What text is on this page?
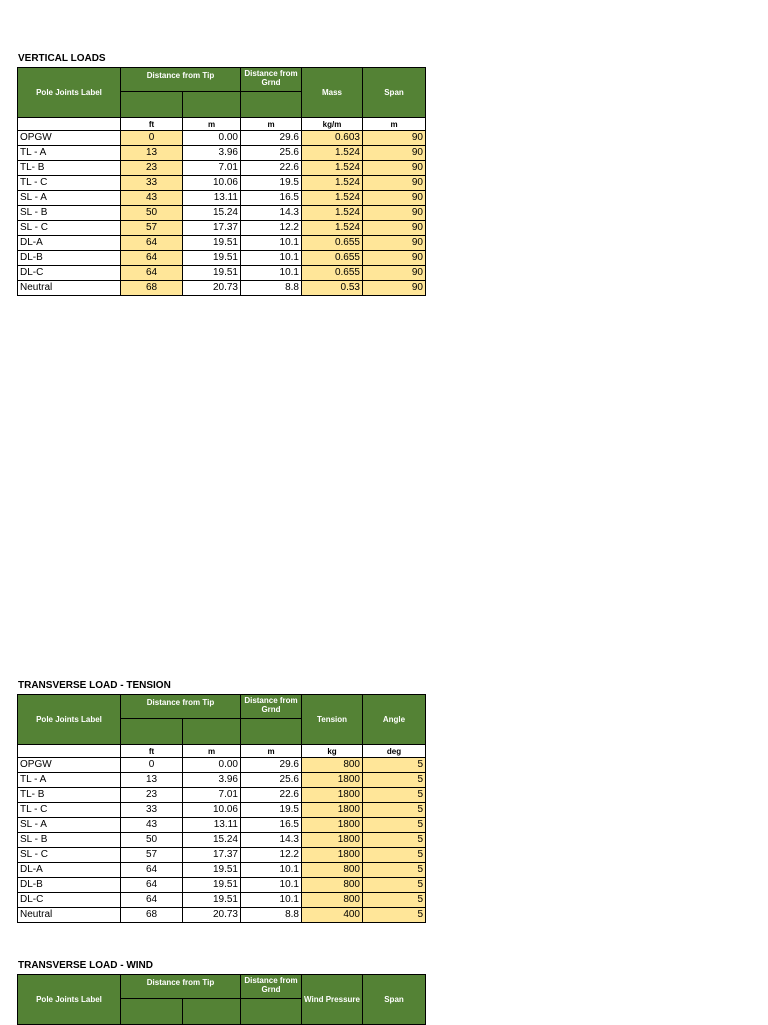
VERTICAL LOADS
Pole Joints Label	Distance from Tip		Distance from Grnd	Mass	Span

	ft	m	m	kg/m	m
OPGW	0	0.00	29.6	0.603	90
TL - A	13	3.96	25.6	1.524	90
TL- B	23	7.01	22.6	1.524	90
TL - C	33	10.06	19.5	1.524	90
SL - A	43	13.11	16.5	1.524	90
SL - B	50	15.24	14.3	1.524	90
SL - C	57	17.37	12.2	1.524	90
DL-A	64	19.51	10.1	0.655	90
DL-B	64	19.51	10.1	0.655	90
DL-C	64	19.51	10.1	0.655	90
Neutral	68	20.73	8.8	0.53	90
TRANSVERSE LOAD - TENSION
Pole Joints Label	Distance from Tip		Distance from Grnd	Tension	Angle

	ft	m	m	kg	deg
OPGW	0	0.00	29.6	800	5
TL - A	13	3.96	25.6	1800	5
TL- B	23	7.01	22.6	1800	5
TL - C	33	10.06	19.5	1800	5
SL - A	43	13.11	16.5	1800	5
SL - B	50	15.24	14.3	1800	5
SL - C	57	17.37	12.2	1800	5
DL-A	64	19.51	10.1	800	5
DL-B	64	19.51	10.1	800	5
DL-C	64	19.51	10.1	800	5
Neutral	68	20.73	8.8	400	5
TRANSVERSE LOAD - WIND
Pole Joints Label	Distance from Tip		Distance from Grnd	Wind Pressure	Span
